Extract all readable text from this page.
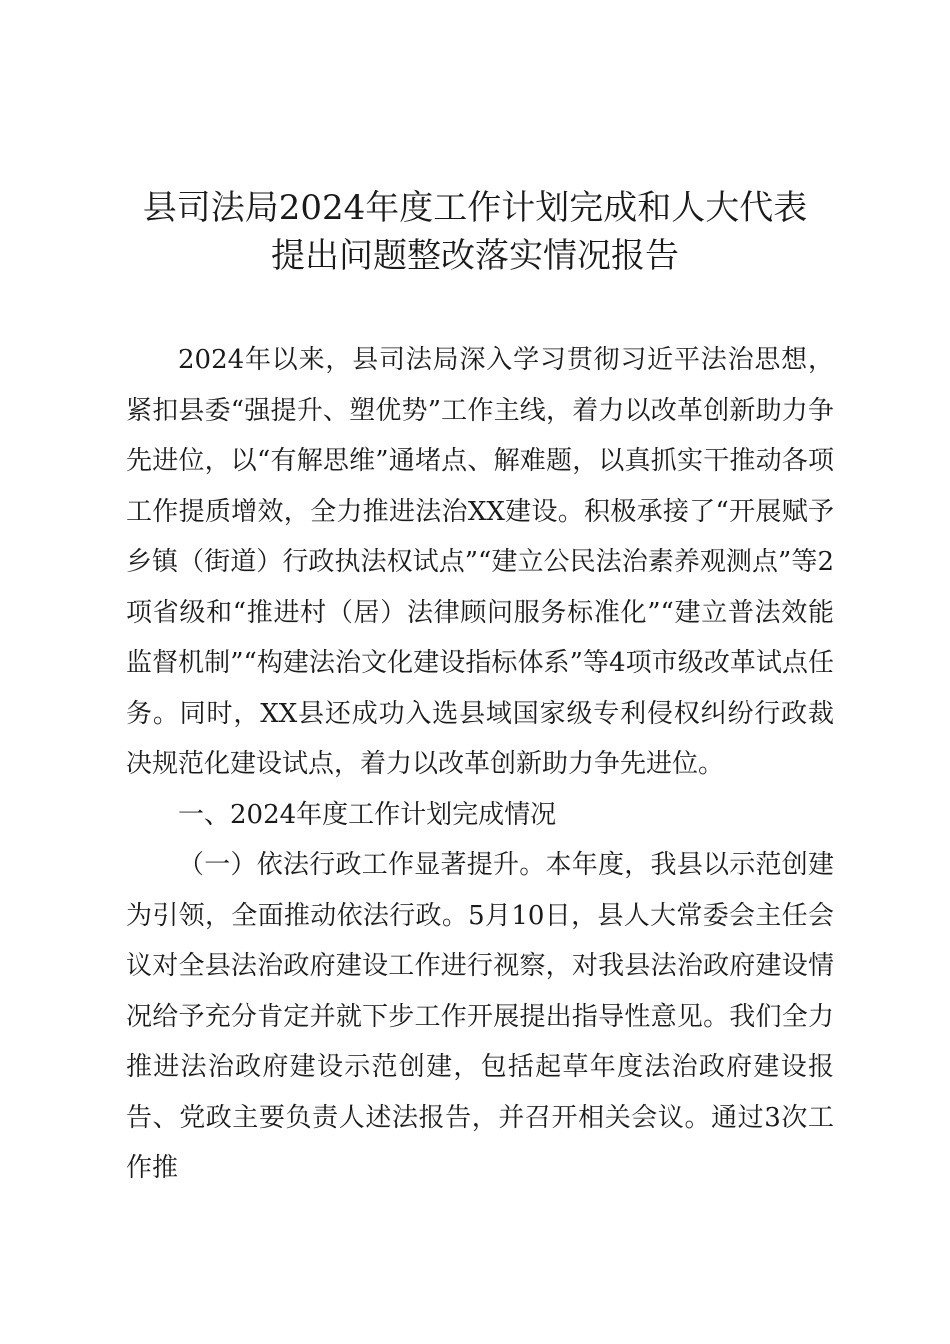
县司法局2024年度工作计划完成和人大代表
提出问题整改落实情况报告

2024年以来，县司法局深入学习贯彻习近平法治思想，紧扣县委“强提升、塑优势”工作主线，着力以改革创新助力争先进位，以“有解思维”通堵点、解难题，以真抓实干推动各项工作提质增效，全力推进法治XX建设。积极承接了“开展赋予乡镇（街道）行政执法权试点”“建立公民法治素养观测点”等2项省级和“推进村（居）法律顾问服务标准化”“建立普法效能监督机制”“构建法治文化建设指标体系”等4项市级改革试点任务。同时，XX县还成功入选县域国家级专利侵权纠纷行政裁决规范化建设试点，着力以改革创新助力争先进位。

一、2024年度工作计划完成情况

（一）依法行政工作显著提升。本年度，我县以示范创建为引领，全面推动依法行政。5月10日，县人大常委会主任会议对全县法治政府建设工作进行视察，对我县法治政府建设情况给予充分肯定并就下步工作开展提出指导性意见。我们全力推进法治政府建设示范创建，包括起草年度法治政府建设报告、党政主要负责人述法报告，并召开相关会议。通过3次工作推
